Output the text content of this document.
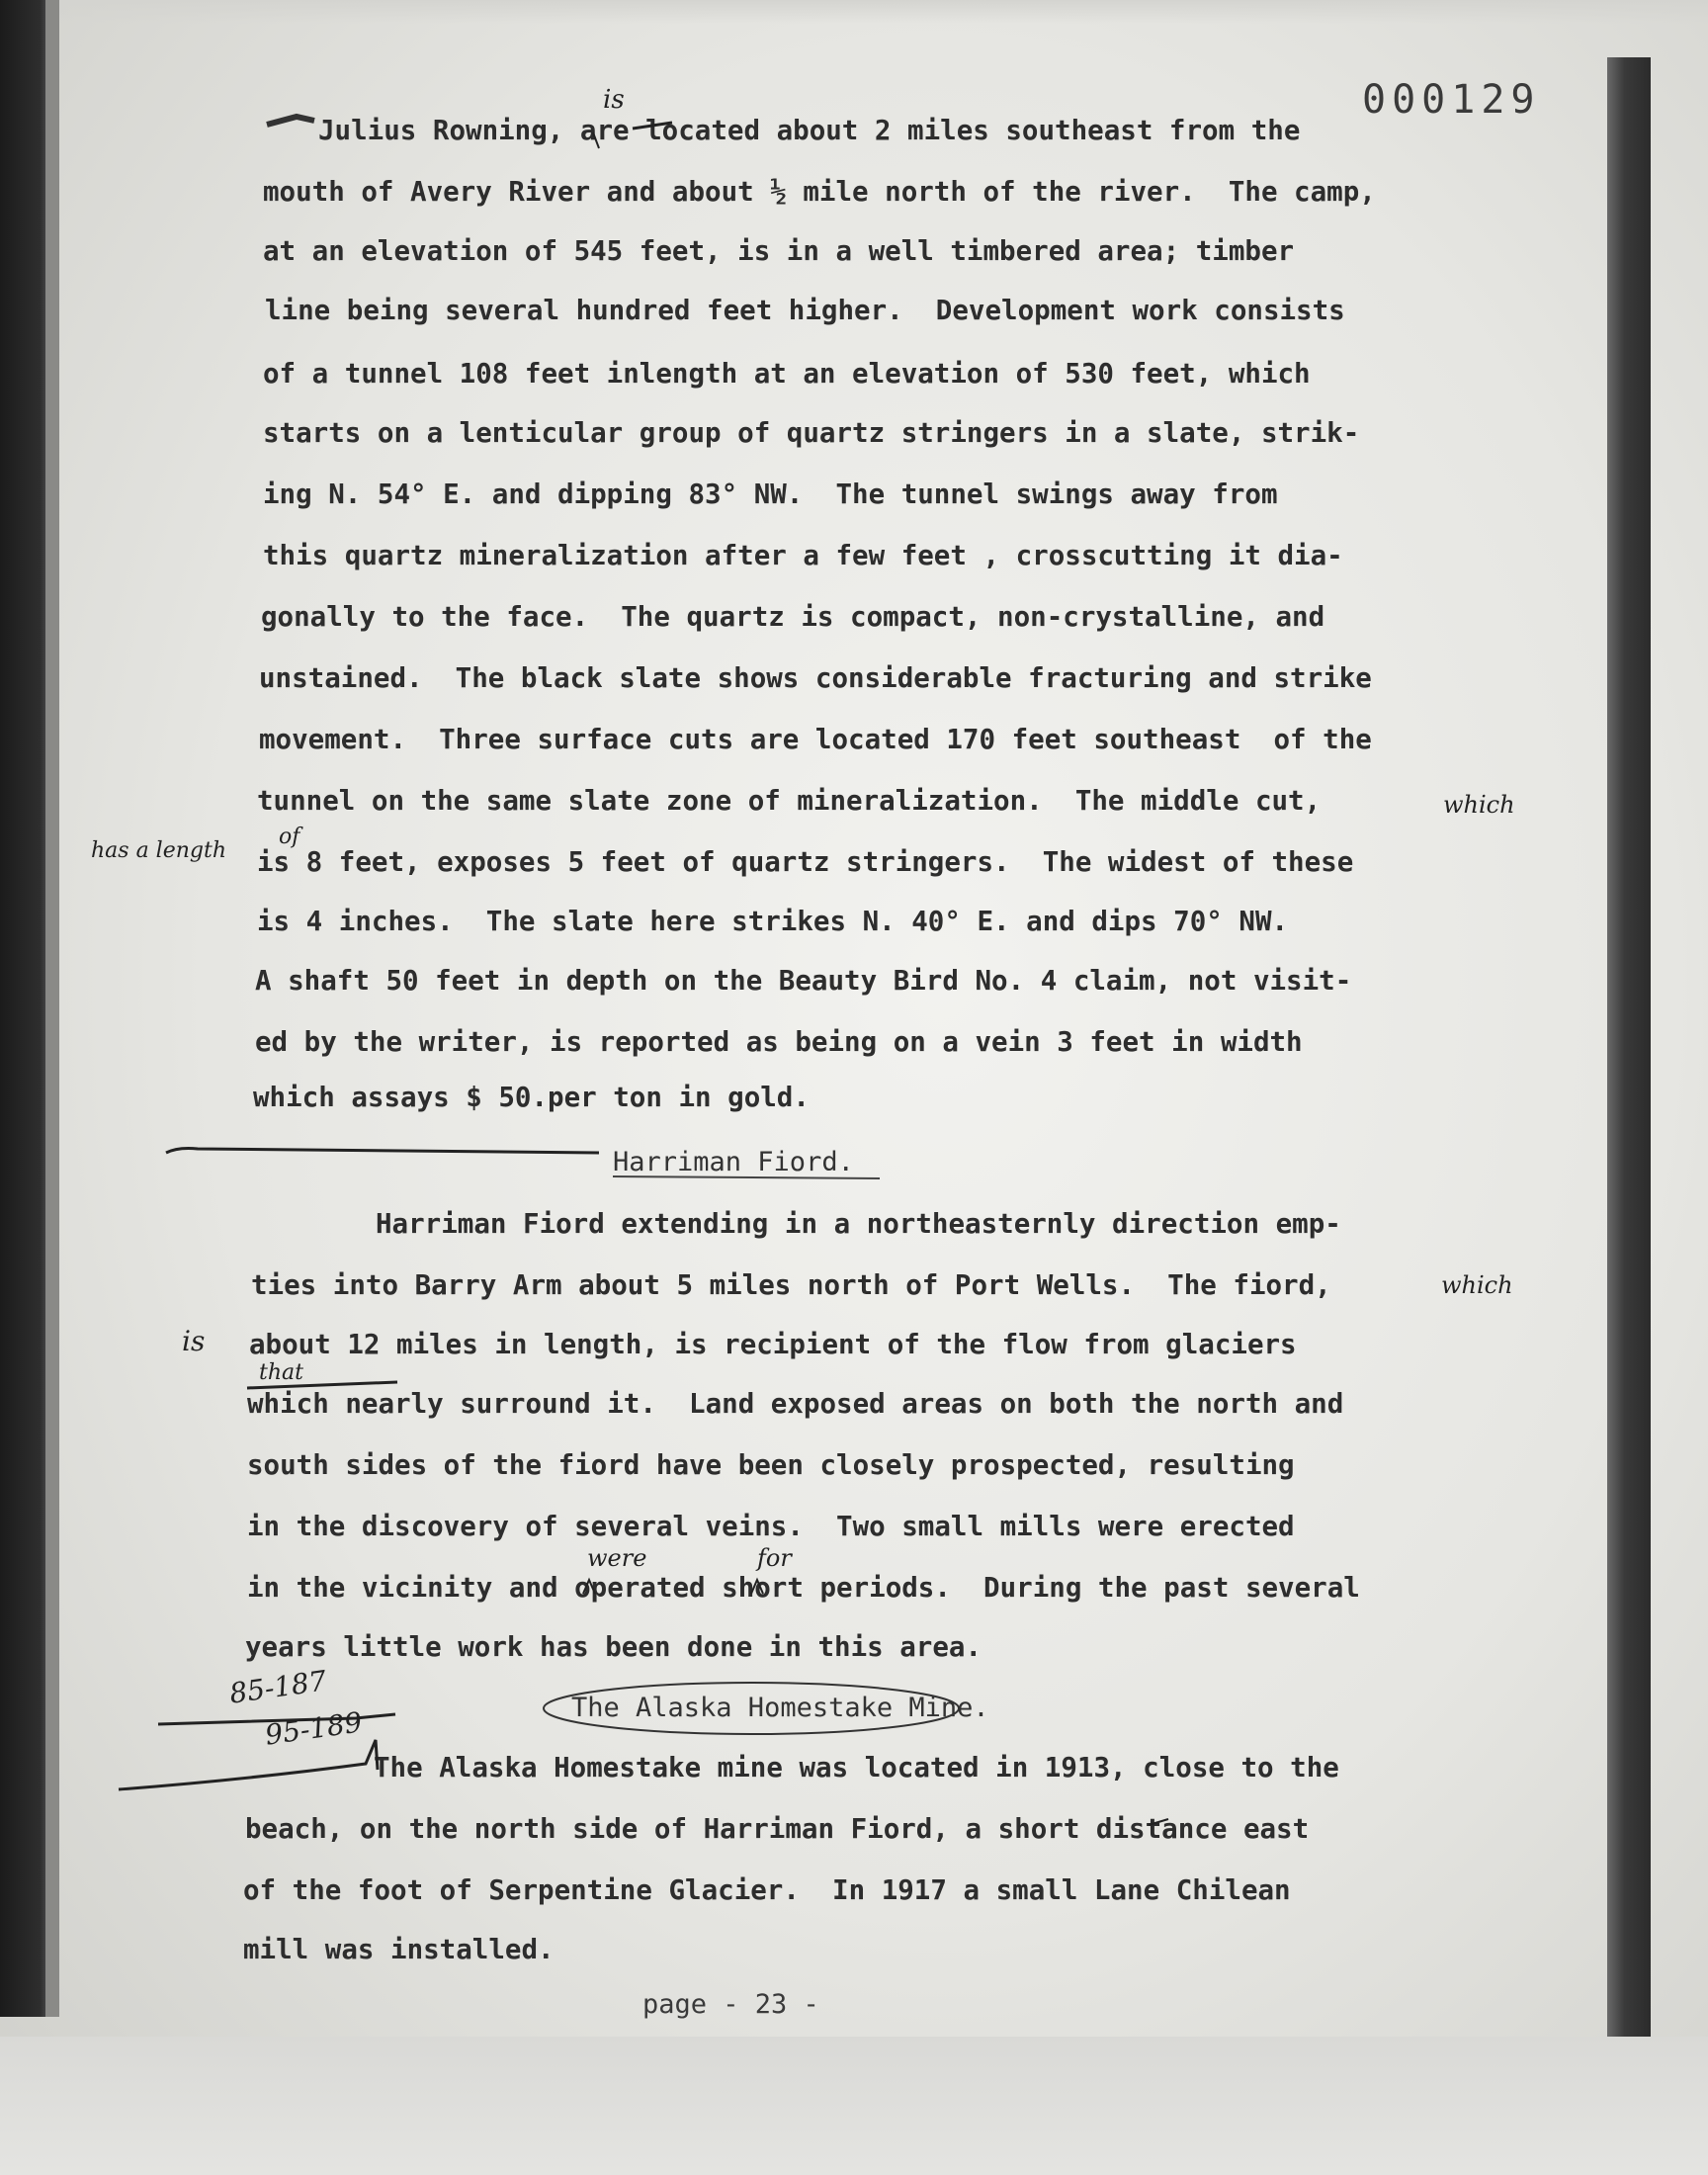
000129
Julius Rowning, are located about 2 miles southeast from the
mouth of Avery River and about ½ mile north of the river.  The camp,
at an elevation of 545 feet, is in a well timbered area; timber
line being several hundred feet higher.  Development work consists
of a tunnel 108 feet inlength at an elevation of 530 feet, which
starts on a lenticular group of quartz stringers in a slate, strik-
ing N. 54° E. and dipping 83° NW.  The tunnel swings away from
this quartz mineralization after a few feet , crosscutting it dia-
gonally to the face.  The quartz is compact, non-crystalline, and
unstained.  The black slate shows considerable fracturing and strike
movement.  Three surface cuts are located 170 feet southeast  of the
tunnel on the same slate zone of mineralization.  The middle cut,
is 8 feet, exposes 5 feet of quartz stringers.  The widest of these
is 4 inches.  The slate here strikes N. 40° E. and dips 70° NW.
A shaft 50 feet in depth on the Beauty Bird No. 4 claim, not visit-
ed by the writer, is reported as being on a vein 3 feet in width
which assays $ 50.per ton in gold.
Harriman Fiord.
Harriman Fiord extending in a northeasternly direction emp-
ties into Barry Arm about 5 miles north of Port Wells.  The fiord,
about 12 miles in length, is recipient of the flow from glaciers
which nearly surround it.  Land exposed areas on both the north and
south sides of the fiord have been closely prospected, resulting
in the discovery of several veins.  Two small mills were erected
in the vicinity and operated short periods.  During the past several
years little work has been done in this area.
The Alaska Homestake Mine.
The Alaska Homestake mine was located in 1913, close to the
beach, on the north side of Harriman Fiord, a short distance east
of the foot of Serpentine Glacier.  In 1917 a small Lane Chilean
mill was installed.
is
which
has a length
of
which
is
that
were	for
85-187
95-189
page - 23 -
